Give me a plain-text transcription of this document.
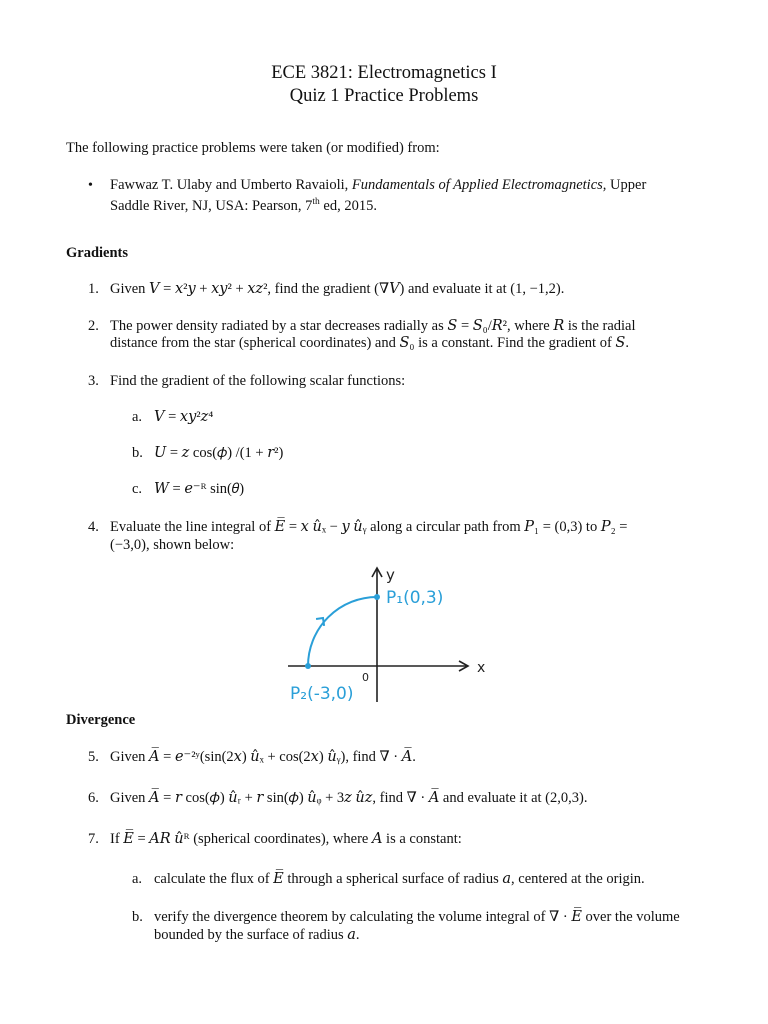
ECE 3821: Electromagnetics I
Quiz 1 Practice Problems
The following practice problems were taken (or modified) from:
• Fawwaz T. Ulaby and Umberto Ravaioli, Fundamentals of Applied Electromagnetics, Upper
Saddle River, NJ, USA: Pearson, 7th ed, 2015.
Gradients
1. Given 𝑉 = 𝑥²𝑦 + 𝑥𝑦² + 𝑥𝑧², find the gradient (∇𝑉) and evaluate it at (1, −1,2).
2. The power density radiated by a star decreases radially as 𝑆 = 𝑆₀/𝑅², where 𝑅 is the radial
distance from the star (spherical coordinates) and 𝑆₀ is a constant. Find the gradient of 𝑆.
3. Find the gradient of the following scalar functions:
a. 𝑉 = 𝑥𝑦²𝑧⁴
b. 𝑈 = 𝑧 cos(𝜙) /(1 + 𝑟²)
c. 𝑊 = 𝑒⁻ᴿ sin(𝜃)
4. Evaluate the line integral of 𝐸̅ = 𝑥 𝑢̂ₓ − 𝑦 𝑢̂ᵧ along a circular path from 𝑃₁ = (0,3) to 𝑃₂ =
(−3,0), shown below:
P₁(0,3)
P₂(-3,0)
x
y
0
Divergence
5. Given 𝐴̅ = 𝑒⁻²ʸ(sin(2𝑥) 𝑢̂ₓ + cos(2𝑥) 𝑢̂ᵧ), find ∇ · 𝐴̅.
6. Given 𝐴̅ = 𝑟 cos(𝜙) 𝑢̂ᵣ + 𝑟 sin(𝜙) 𝑢̂ᵩ + 3𝑧 𝑢̂𝑧, find ∇ · 𝐴̅ and evaluate it at (2,0,3).
7. If 𝐸̅ = 𝐴𝑅 𝑢̂ᴿ (spherical coordinates), where 𝐴 is a constant:
a. calculate the flux of 𝐸̅ through a spherical surface of radius 𝑎, centered at the origin.
b. verify the divergence theorem by calculating the volume integral of ∇ · 𝐸̅ over the volume
bounded by the surface of radius 𝑎.
